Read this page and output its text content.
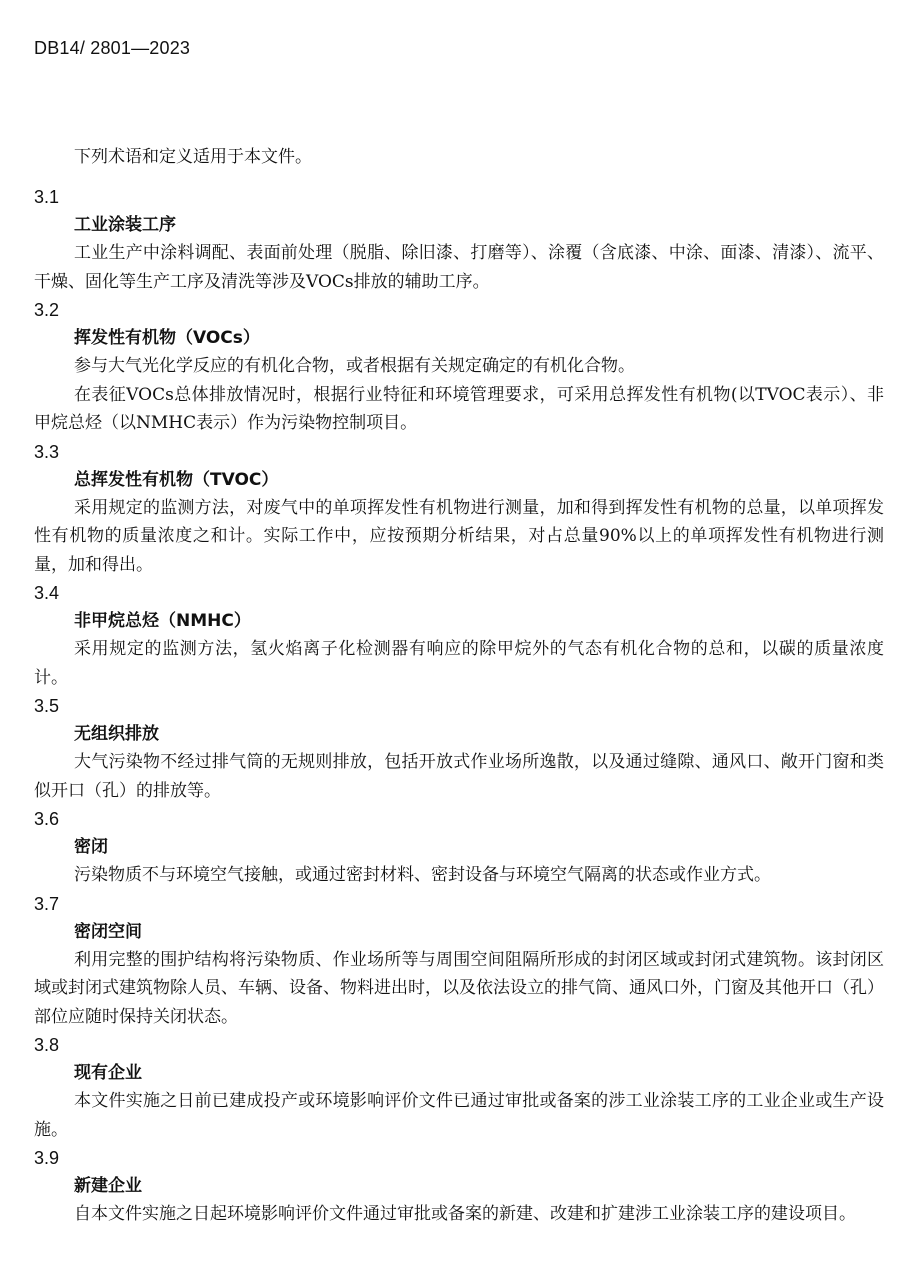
DB14/ 2801—2023
下列术语和定义适用于本文件。
3.1
工业涂装工序

工业生产中涂料调配、表面前处理（脱脂、除旧漆、打磨等）、涂覆（含底漆、中涂、面漆、清漆）、流平、干燥、固化等生产工序及清洗等涉及VOCs排放的辅助工序。

3.2
挥发性有机物（VOCs）

参与大气光化学反应的有机化合物，或者根据有关规定确定的有机化合物。

在表征VOCs总体排放情况时，根据行业特征和环境管理要求，可采用总挥发性有机物(以TVOC表示）、非甲烷总烃（以NMHC表示）作为污染物控制项目。

3.3
总挥发性有机物（TVOC）

采用规定的监测方法，对废气中的单项挥发性有机物进行测量，加和得到挥发性有机物的总量，以单项挥发性有机物的质量浓度之和计。实际工作中，应按预期分析结果，对占总量90%以上的单项挥发性有机物进行测量，加和得出。

3.4
非甲烷总烃（NMHC）

采用规定的监测方法，氢火焰离子化检测器有响应的除甲烷外的气态有机化合物的总和，以碳的质量浓度计。

3.5
无组织排放

大气污染物不经过排气筒的无规则排放，包括开放式作业场所逸散，以及通过缝隙、通风口、敞开门窗和类似开口（孔）的排放等。

3.6
密闭

污染物质不与环境空气接触，或通过密封材料、密封设备与环境空气隔离的状态或作业方式。

3.7
密闭空间

利用完整的围护结构将污染物质、作业场所等与周围空间阻隔所形成的封闭区域或封闭式建筑物。该封闭区域或封闭式建筑物除人员、车辆、设备、物料进出时，以及依法设立的排气筒、通风口外，门窗及其他开口（孔）部位应随时保持关闭状态。

3.8
现有企业

本文件实施之日前已建成投产或环境影响评价文件已通过审批或备案的涉工业涂装工序的工业企业或生产设施。

3.9
新建企业

自本文件实施之日起环境影响评价文件通过审批或备案的新建、改建和扩建涉工业涂装工序的建设项目。
